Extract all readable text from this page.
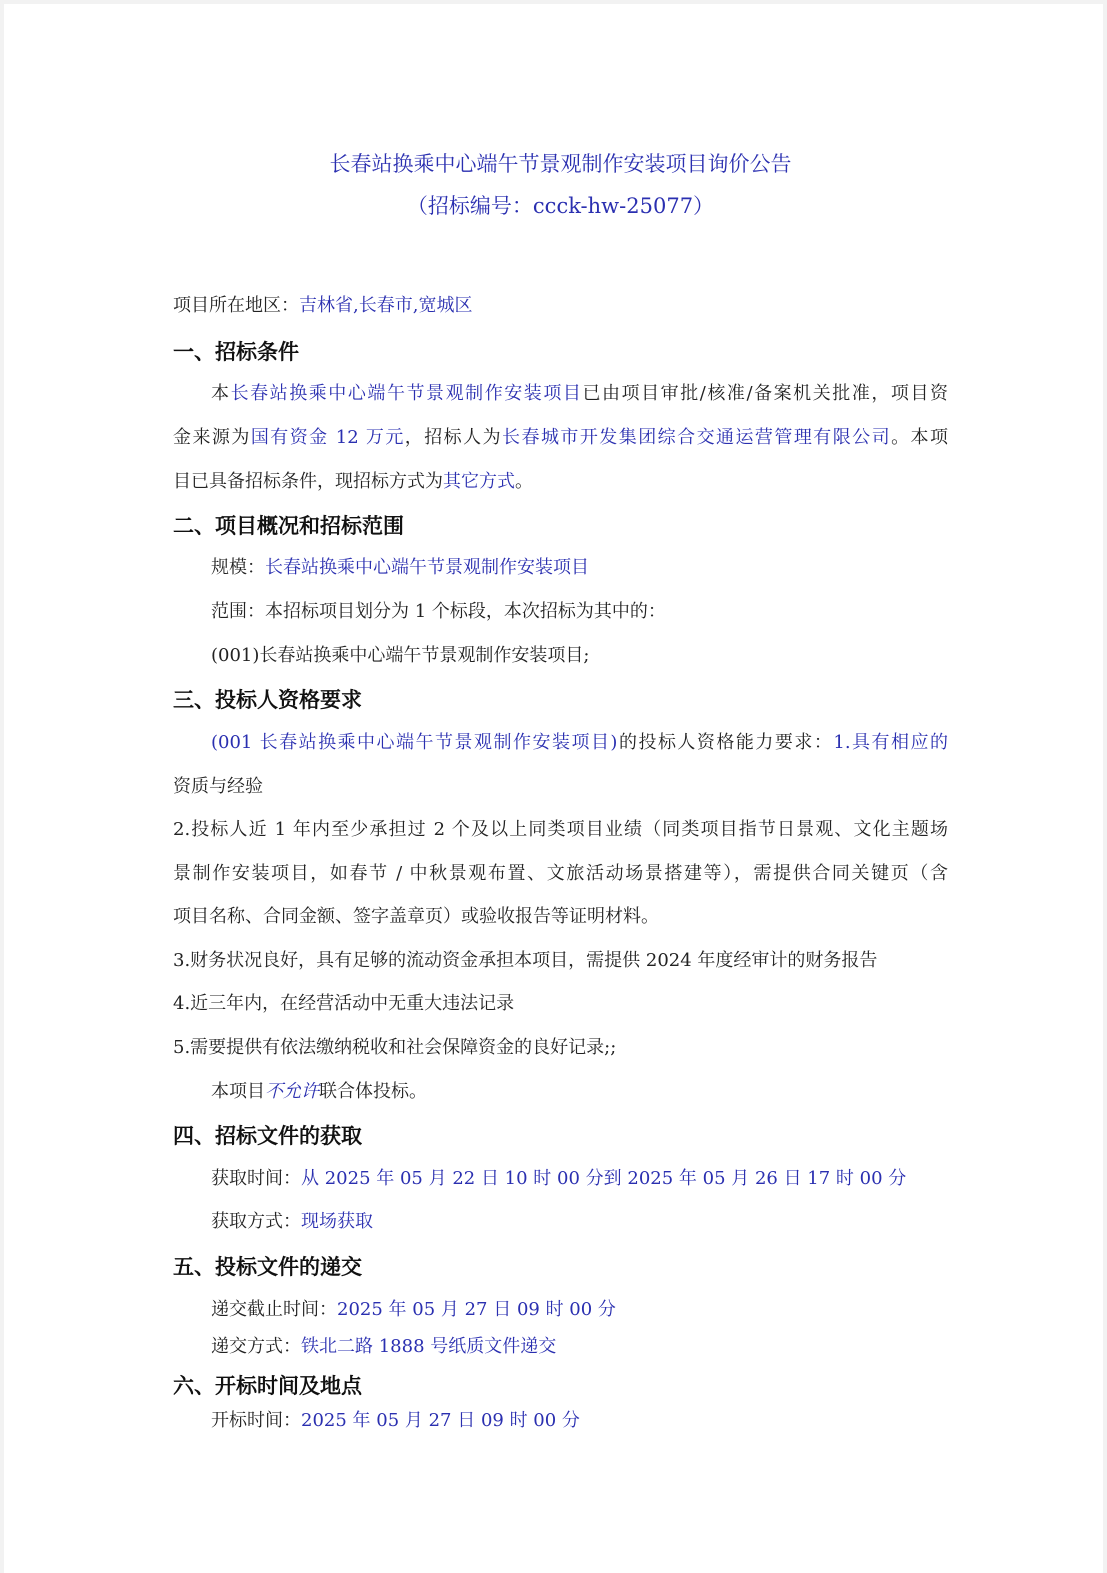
长春站换乘中心端午节景观制作安装项目询价公告
（招标编号：ccck-hw-25077）
项目所在地区：吉林省,长春市,宽城区
一、招标条件
本长春站换乘中心端午节景观制作安装项目已由项目审批/核准/备案机关批准，项目资
金来源为国有资金 12 万元，招标人为长春城市开发集团综合交通运营管理有限公司。本项
目已具备招标条件，现招标方式为其它方式。
二、项目概况和招标范围
规模：长春站换乘中心端午节景观制作安装项目
范围：本招标项目划分为 1 个标段，本次招标为其中的：
(001)长春站换乘中心端午节景观制作安装项目;
三、投标人资格要求
(001 长春站换乘中心端午节景观制作安装项目)的投标人资格能力要求：1.具有相应的
资质与经验
2.投标人近 1 年内至少承担过 2 个及以上同类项目业绩（同类项目指节日景观、文化主题场
景制作安装项目，如春节 / 中秋景观布置、文旅活动场景搭建等），需提供合同关键页（含
项目名称、合同金额、签字盖章页）或验收报告等证明材料。
3.财务状况良好，具有足够的流动资金承担本项目，需提供 2024 年度经审计的财务报告
4.近三年内，在经营活动中无重大违法记录
5.需要提供有依法缴纳税收和社会保障资金的良好记录;;
本项目不允许联合体投标。
四、招标文件的获取
获取时间：从 2025 年 05 月 22 日 10 时 00 分到 2025 年 05 月 26 日 17 时 00 分
获取方式：现场获取
五、投标文件的递交
递交截止时间：2025 年 05 月 27 日 09 时 00 分
递交方式：铁北二路 1888 号纸质文件递交
六、开标时间及地点
开标时间：2025 年 05 月 27 日 09 时 00 分
